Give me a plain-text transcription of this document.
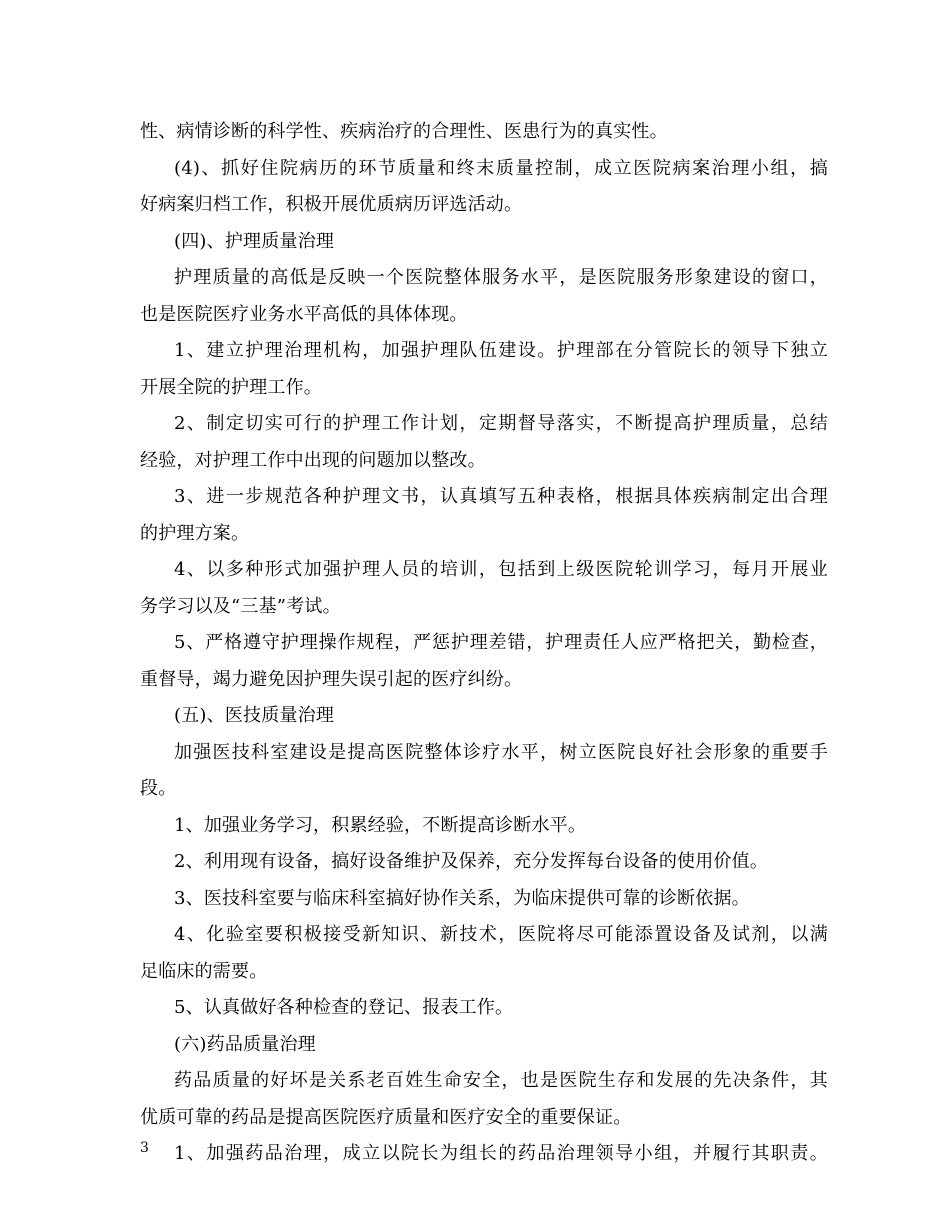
性、病情诊断的科学性、疾病治疗的合理性、医患行为的真实性。
(4)、抓好住院病历的环节质量和终末质量控制，成立医院病案治理小组，搞
好病案归档工作，积极开展优质病历评选活动。
(四)、护理质量治理
护理质量的高低是反映一个医院整体服务水平，是医院服务形象建设的窗口，
也是医院医疗业务水平高低的具体体现。
1、建立护理治理机构，加强护理队伍建设。护理部在分管院长的领导下独立
开展全院的护理工作。
2、制定切实可行的护理工作计划，定期督导落实，不断提高护理质量，总结
经验，对护理工作中出现的问题加以整改。
3、进一步规范各种护理文书，认真填写五种表格，根据具体疾病制定出合理
的护理方案。
4、以多种形式加强护理人员的培训，包括到上级医院轮训学习，每月开展业
务学习以及“三基”考试。
5、严格遵守护理操作规程，严惩护理差错，护理责任人应严格把关，勤检查，
重督导，竭力避免因护理失误引起的医疗纠纷。
(五)、医技质量治理
加强医技科室建设是提高医院整体诊疗水平，树立医院良好社会形象的重要手
段。
1、加强业务学习，积累经验，不断提高诊断水平。
2、利用现有设备，搞好设备维护及保养，充分发挥每台设备的使用价值。
3、医技科室要与临床科室搞好协作关系，为临床提供可靠的诊断依据。
4、化验室要积极接受新知识、新技术，医院将尽可能添置设备及试剂，以满
足临床的需要。
5、认真做好各种检查的登记、报表工作。
(六)药品质量治理
药品质量的好坏是关系老百姓生命安全，也是医院生存和发展的先决条件，其
优质可靠的药品是提高医院医疗质量和医疗安全的重要保证。
1、加强药品治理，成立以院长为组长的药品治理领导小组，并履行其职责。
3
